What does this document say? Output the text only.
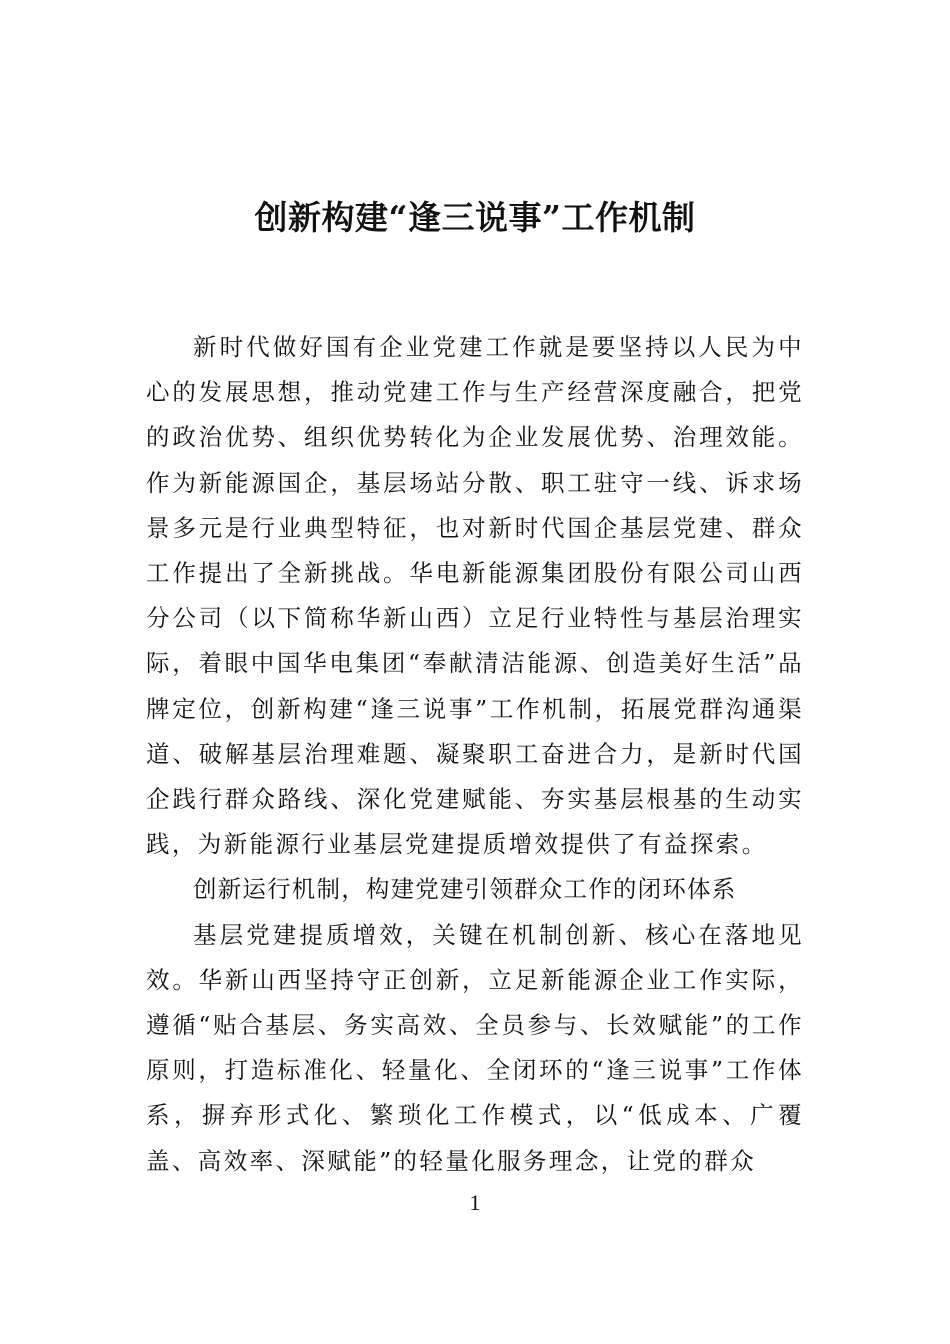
创新构建“逢三说事”工作机制

新时代做好国有企业党建工作就是要坚持以人民为中心的发展思想，推动党建工作与生产经营深度融合，把党的政治优势、组织优势转化为企业发展优势、治理效能。作为新能源国企，基层场站分散、职工驻守一线、诉求场景多元是行业典型特征，也对新时代国企基层党建、群众工作提出了全新挑战。华电新能源集团股份有限公司山西分公司（以下简称华新山西）立足行业特性与基层治理实际，着眼中国华电集团“奉献清洁能源、创造美好生活”品牌定位，创新构建“逢三说事”工作机制，拓展党群沟通渠道、破解基层治理难题、凝聚职工奋进合力，是新时代国企践行群众路线、深化党建赋能、夯实基层根基的生动实践，为新能源行业基层党建提质增效提供了有益探索。

创新运行机制，构建党建引领群众工作的闭环体系

基层党建提质增效，关键在机制创新、核心在落地见效。华新山西坚持守正创新，立足新能源企业工作实际，遵循“贴合基层、务实高效、全员参与、长效赋能”的工作原则，打造标准化、轻量化、全闭环的“逢三说事”工作体系，摒弃形式化、繁琐化工作模式，以“低成本、广覆盖、高效率、深赋能”的轻量化服务理念，让党的群众

1
